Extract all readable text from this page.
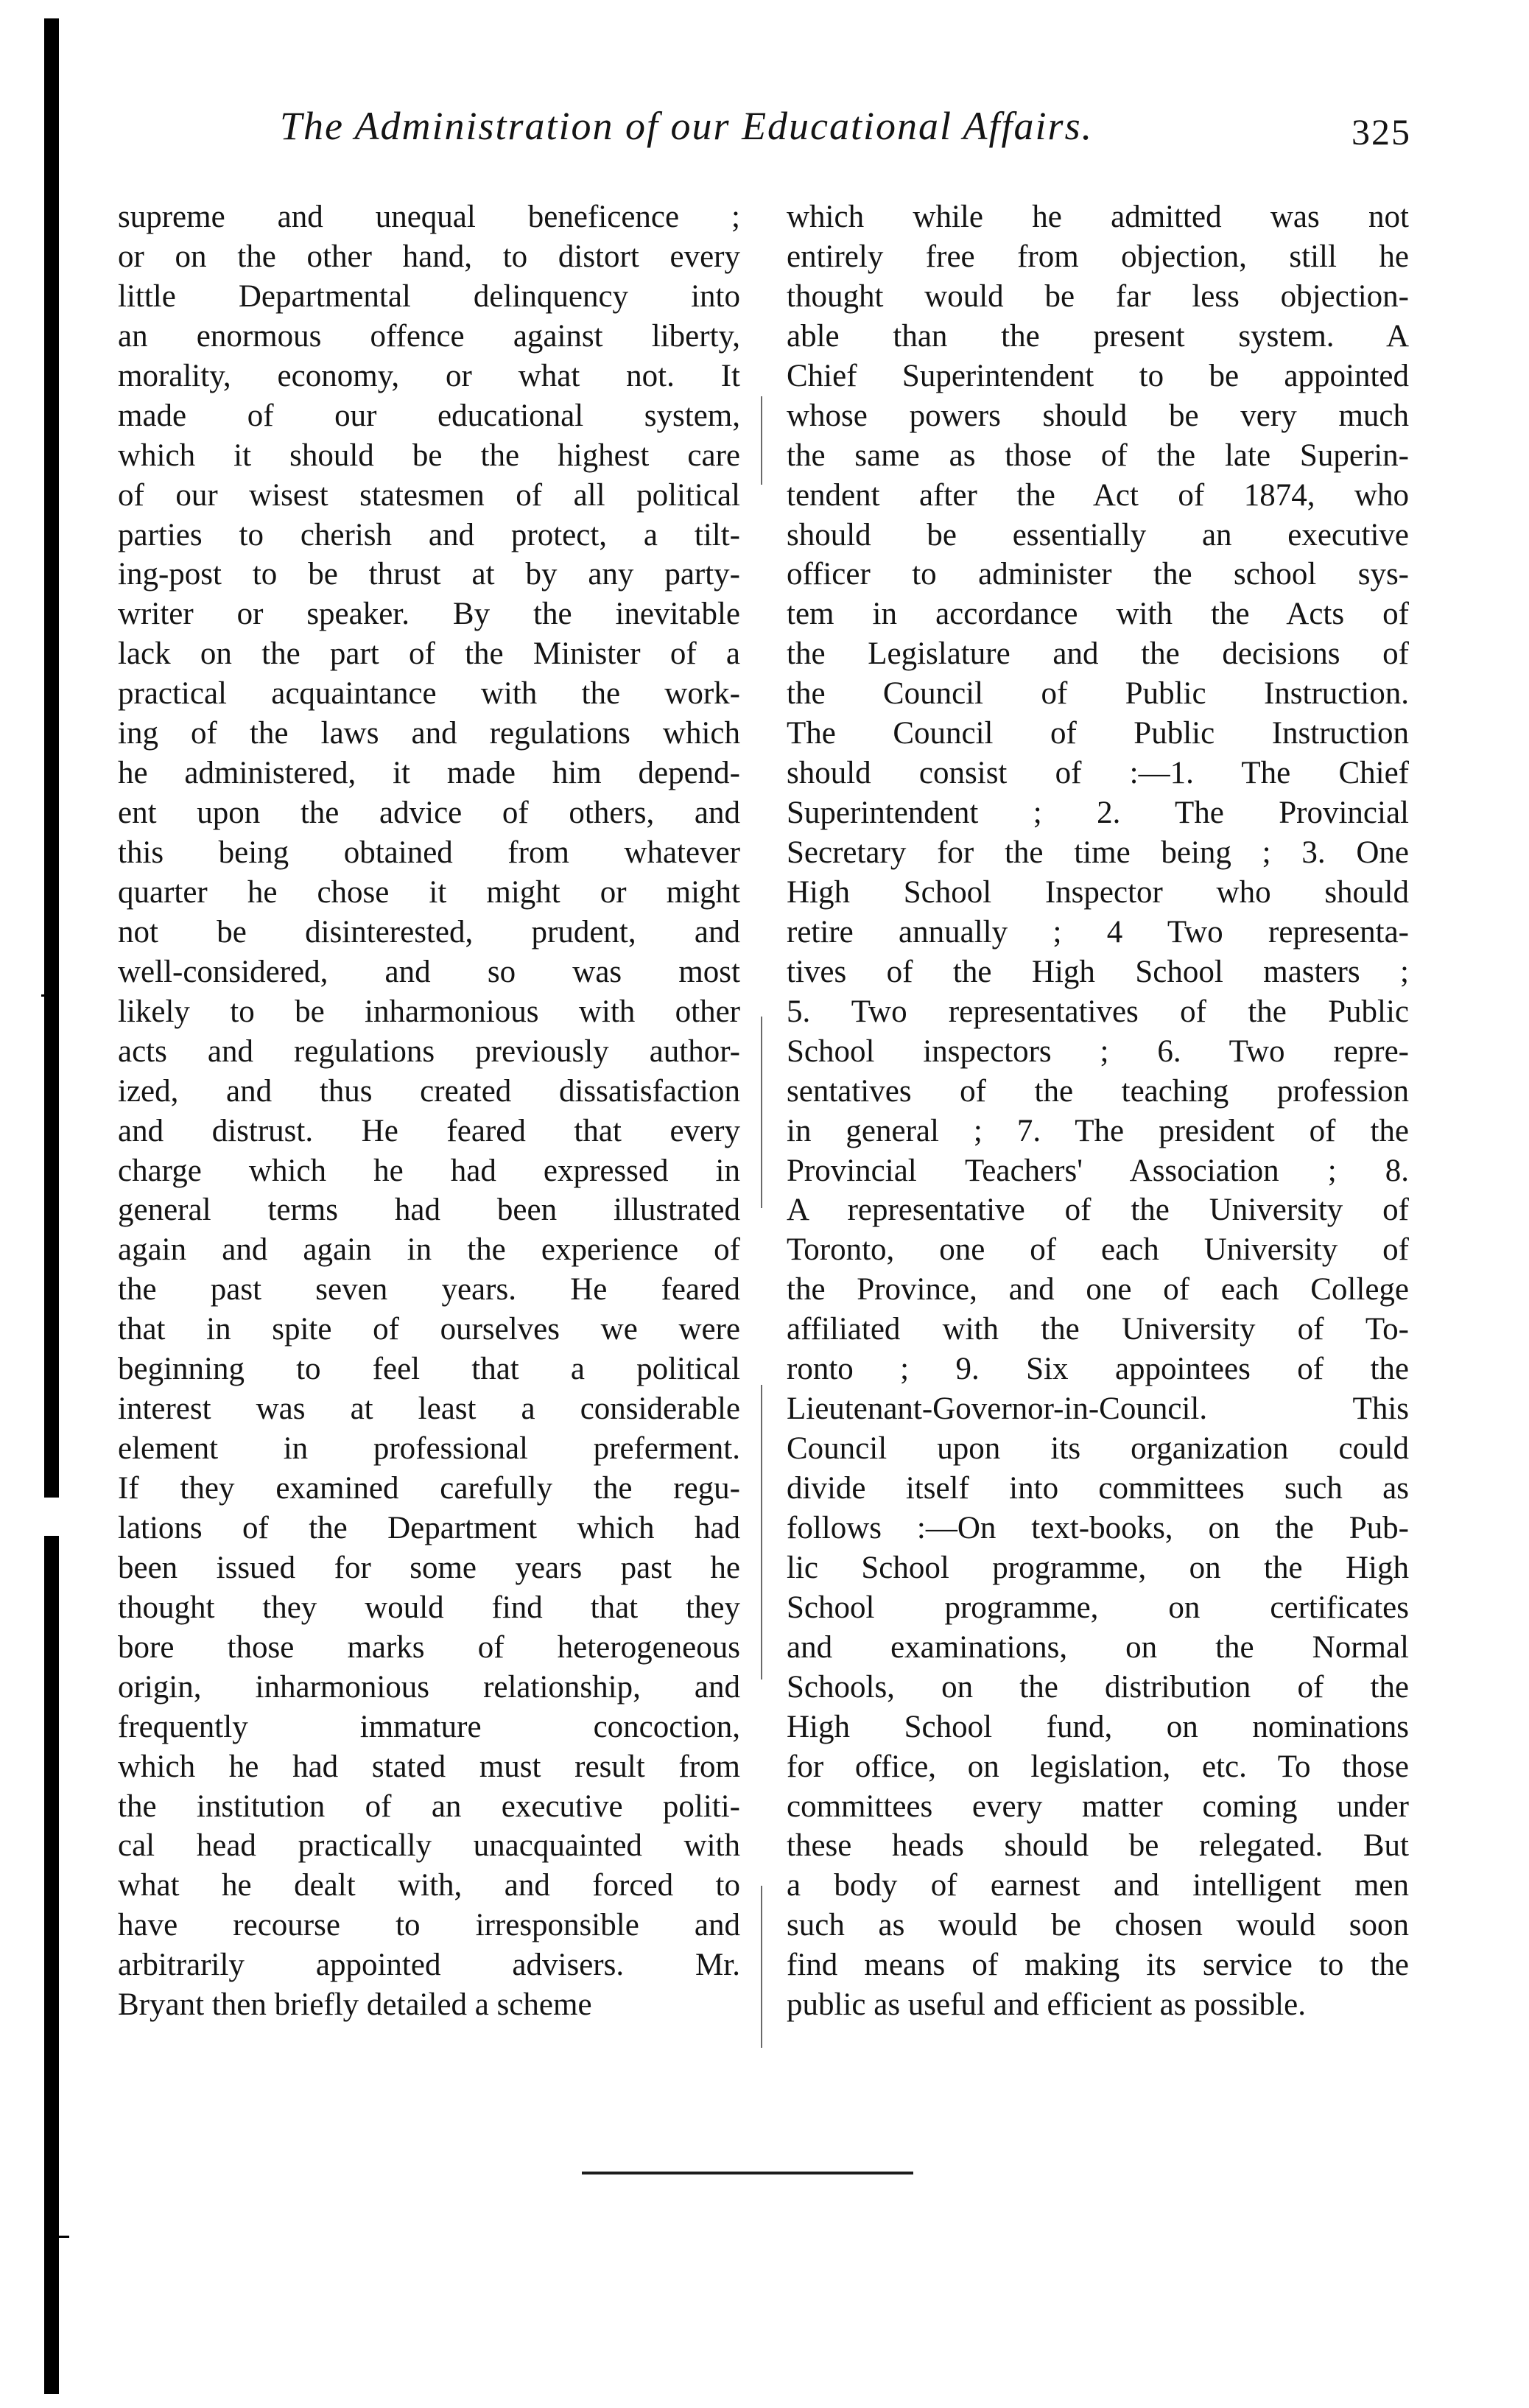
The Administration of our Educational Affairs.	325
supreme and unequal beneficence ;
or on the other hand, to distort every
little Departmental delinquency into
an enormous offence against liberty,
morality, economy, or what not. It
made of our educational system,
which it should be the highest care
of our wisest statesmen of all political
parties to cherish and protect, a tilt-
ing-post to be thrust at by any party-
writer or speaker. By the inevitable
lack on the part of the Minister of a
practical acquaintance with the work-
ing of the laws and regulations which
he administered, it made him depend-
ent upon the advice of others, and
this being obtained from whatever
quarter he chose it might or might
not be disinterested, prudent, and
well-considered, and so was most
likely to be inharmonious with other
acts and regulations previously author-
ized, and thus created dissatisfaction
and distrust. He feared that every
charge which he had expressed in
general terms had been illustrated
again and again in the experience of
the past seven years. He feared
that in spite of ourselves we were
beginning to feel that a political
interest was at least a considerable
element in professional preferment.
If they examined carefully the regu-
lations of the Department which had
been issued for some years past he
thought they would find that they
bore those marks of heterogeneous
origin, inharmonious relationship, and
frequently immature concoction,
which he had stated must result from
the institution of an executive politi-
cal head practically unacquainted with
what he dealt with, and forced to
have recourse to irresponsible and
arbitrarily appointed advisers. Mr.
Bryant then briefly detailed a scheme
which while he admitted was not
entirely free from objection, still he
thought would be far less objection-
able than the present system. A
Chief Superintendent to be appointed
whose powers should be very much
the same as those of the late Superin-
tendent after the Act of 1874, who
should be essentially an executive
officer to administer the school sys-
tem in accordance with the Acts of
the Legislature and the decisions of
the Council of Public Instruction.
The Council of Public Instruction
should consist of :—1. The Chief
Superintendent ; 2. The Provincial
Secretary for the time being ; 3. One
High School Inspector who should
retire annually ; 4 Two representa-
tives of the High School masters ;
5. Two representatives of the Public
School inspectors ; 6. Two repre-
sentatives of the teaching profession
in general ; 7. The president of the
Provincial Teachers' Association ; 8.
A representative of the University of
Toronto, one of each University of
the Province, and one of each College
affiliated with the University of To-
ronto ; 9. Six appointees of the
Lieutenant-Governor-in-Council. This
Council upon its organization could
divide itself into committees such as
follows :—On text-books, on the Pub-
lic School programme, on the High
School programme, on certificates
and examinations, on the Normal
Schools, on the distribution of the
High School fund, on nominations
for office, on legislation, etc. To those
committees every matter coming under
these heads should be relegated. But
a body of earnest and intelligent men
such as would be chosen would soon
find means of making its service to the
public as useful and efficient as possible.
